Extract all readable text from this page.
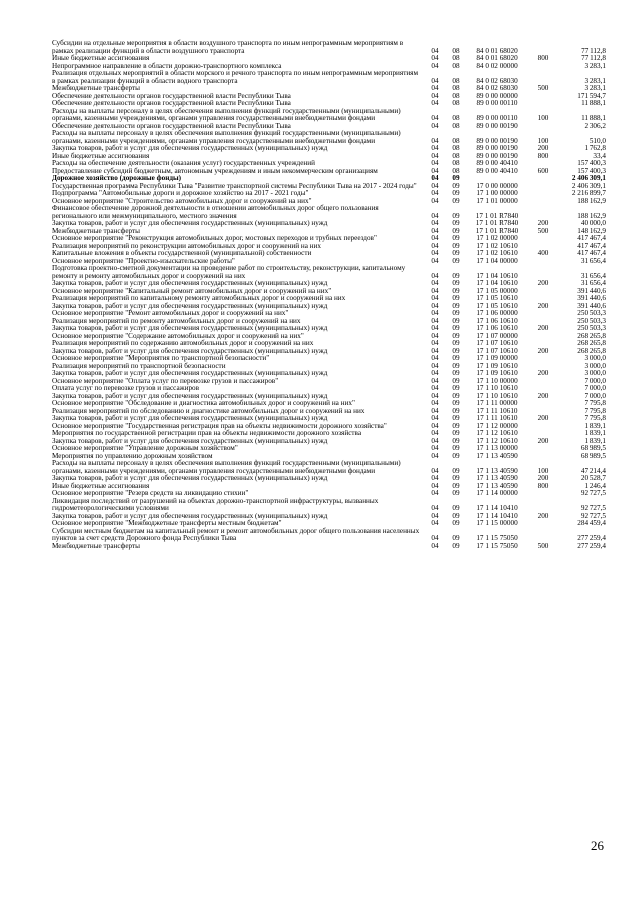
Субсидии на отдельные мероприятия в области воздушного транспорта по иным непрограммным мероприятиям в рамках реализации функций в области воздушного транспорта	04	08	84 0 01 68020		77 112,8
Иные бюджетные ассигнования	04	08	84 0 01 68020	800	77 112,8
Непрограммное направление в области дорожно-транспортного комплекса	04	08	84 0 02 00000		3 283,1
Реализация отдельных мероприятий в области морского и речного транспорта по иным непрограммным мероприятиям в рамках реализации функций в области водного транспорта	04	08	84 0 02 68030		3 283,1
Межбюджетные трансферты	04	08	84 0 02 68030	500	3 283,1
Обеспечение деятельности органов государственной власти Республики Тыва	04	08	89 0 00 00000		171 594,7
Обеспечение деятельности органов государственной власти Республики Тыва	04	08	89 0 00 00110		11 888,1
Расходы на выплаты персоналу в целях обеспечения выполнения функций государственными (муниципальными) органами, казенными учреждениями, органами управления государственными внебюджетными фондами	04	08	89 0 00 00110	100	11 888,1
Обеспечение деятельности органов государственной власти Республики Тыва	04	08	89 0 00 00190		2 306,2
Расходы на выплаты персоналу в целях обеспечения выполнения функций государственными (муниципальными) органами, казенными учреждениями, органами управления государственными внебюджетными фондами	04	08	89 0 00 00190	100	510,0
Закупка товаров, работ и услуг для обеспечения государственных (муниципальных) нужд	04	08	89 0 00 00190	200	1 762,8
Иные бюджетные ассигнования	04	08	89 0 00 00190	800	33,4
Расходы на обеспечение деятельности (оказания услуг) государственных учреждений	04	08	89 0 00 40410		157 400,3
Предоставление субсидий бюджетным, автономным учреждениям и иным некоммерческим организациям	04	08	89 0 00 40410	600	157 400,3
Дорожное хозяйство (дорожные фонды)	04	09			2 406 309,1
Государственная программа Республики Тыва "Развитие транспортной системы Республики Тыва на 2017 - 2024 годы"	04	09	17 0 00 00000		2 406 309,1
Подпрограмма "Автомобильные дороги и дорожное хозяйство на 2017 - 2021 годы"	04	09	17 1 00 00000		2 216 899,7
Основное мероприятие "Строительство автомобильных дорог и сооружений на них"	04	09	17 1 01 00000		188 162,9
Финансовое обеспечение дорожной деятельности в отношении автомобильных дорог общего пользования регионального или межмуниципального, местного значения	04	09	17 1 01 R7840		188 162,9
Закупка товаров, работ и услуг для обеспечения государственных (муниципальных) нужд	04	09	17 1 01 R7840	200	40 000,0
Межбюджетные трансферты	04	09	17 1 01 R7840	500	148 162,9
Основное мероприятие "Реконструкция автомобильных дорог, мостовых переходов и трубных переездов"	04	09	17 1 02 00000		417 467,4
Реализация мероприятий по реконструкции автомобильных дорог и сооружений на них	04	09	17 1 02 10610		417 467,4
Капитальные вложения в объекты государственной (муниципальной) собственности	04	09	17 1 02 10610	400	417 467,4
Основное мероприятие "Проектно-изыскательские работы"	04	09	17 1 04 00000		31 656,4
Подготовка проектно-сметной документации на проведение работ по строительству, реконструкции, капитальному ремонту и ремонту автомобильных дорог и сооружений на них	04	09	17 1 04 10610		31 656,4
Закупка товаров, работ и услуг для обеспечения государственных (муниципальных) нужд	04	09	17 1 04 10610	200	31 656,4
Основное мероприятие "Капитальный ремонт автомобильных дорог и сооружений на них"	04	09	17 1 05 00000		391 440,6
Реализация мероприятий по капитальному ремонту автомобильных дорог и сооружений на них	04	09	17 1 05 10610		391 440,6
Закупка товаров, работ и услуг для обеспечения государственных (муниципальных) нужд	04	09	17 1 05 10610	200	391 440,6
Основное мероприятие "Ремонт автомобильных дорог и сооружений на них"	04	09	17 1 06 00000		250 503,3
Реализация мероприятий по ремонту автомобильных дорог и сооружений на них	04	09	17 1 06 10610		250 503,3
Закупка товаров, работ и услуг для обеспечения государственных (муниципальных) нужд	04	09	17 1 06 10610	200	250 503,3
Основное мероприятие "Содержание автомобильных дорог и сооружений на них"	04	09	17 1 07 00000		268 265,8
Реализация мероприятий по содержанию автомобильных дорог и сооружений на них	04	09	17 1 07 10610		268 265,8
Закупка товаров, работ и услуг для обеспечения государственных (муниципальных) нужд	04	09	17 1 07 10610	200	268 265,8
Основное мероприятие "Мероприятия по транспортной безопасности"	04	09	17 1 09 00000		3 000,0
Реализация мероприятий по транспортной безопасности	04	09	17 1 09 10610		3 000,0
Закупка товаров, работ и услуг для обеспечения государственных (муниципальных) нужд	04	09	17 1 09 10610	200	3 000,0
Основное мероприятие "Оплата услуг по перевозке грузов и пассажиров"	04	09	17 1 10 00000		7 000,0
Оплата услуг по перевозке грузов и пассажиров	04	09	17 1 10 10610		7 000,0
Закупка товаров, работ и услуг для обеспечения государственных (муниципальных) нужд	04	09	17 1 10 10610	200	7 000,0
Основное мероприятие "Обследование и диагностика автомобильных дорог и сооружений на них"	04	09	17 1 11 00000		7 795,8
Реализация мероприятий по обследованию и диагностике автомобильных дорог и сооружений на них	04	09	17 1 11 10610		7 795,8
Закупка товаров, работ и услуг для обеспечения государственных (муниципальных) нужд	04	09	17 1 11 10610	200	7 795,8
Основное мероприятие "Государственная регистрация прав на объекты недвижимости дорожного хозяйства"	04	09	17 1 12 00000		1 839,1
Мероприятия по государственной регистрации прав на объекты недвижимости дорожного хозяйства	04	09	17 1 12 10610		1 839,1
Закупка товаров, работ и услуг для обеспечения государственных (муниципальных) нужд	04	09	17 1 12 10610	200	1 839,1
Основное мероприятие "Управление дорожным хозяйством"	04	09	17 1 13 00000		68 989,5
Мероприятия по управлению дорожным хозяйством	04	09	17 1 13 40590		68 989,5
Расходы на выплаты персоналу в целях обеспечения выполнения функций государственными (муниципальными) органами, казенными учреждениями, органами управления государственными внебюджетными фондами	04	09	17 1 13 40590	100	47 214,4
Закупка товаров, работ и услуг для обеспечения государственных (муниципальных) нужд	04	09	17 1 13 40590	200	20 528,7
Иные бюджетные ассигнования	04	09	17 1 13 40590	800	1 246,4
Основное мероприятие "Резерв средств на ликвидацию стихии"	04	09	17 1 14 00000		92 727,5
Ликвидация последствий от разрушений на объектах дорожно-транспортной инфраструктуры, вызванных гидрометеорологическими условиями	04	09	17 1 14 10410		92 727,5
Закупка товаров, работ и услуг для обеспечения государственных (муниципальных) нужд	04	09	17 1 14 10410	200	92 727,5
Основное мероприятие "Межбюджетные трансферты местным бюджетам"	04	09	17 1 15 00000		284 459,4
Субсидии местным бюджетам на капитальный ремонт и ремонт автомобильных дорог общего пользования населенных пунктов за счет средств Дорожного фонда Республики Тыва	04	09	17 1 15 75050		277 259,4
Межбюджетные трансферты	04	09	17 1 15 75050	500	277 259,4
26
